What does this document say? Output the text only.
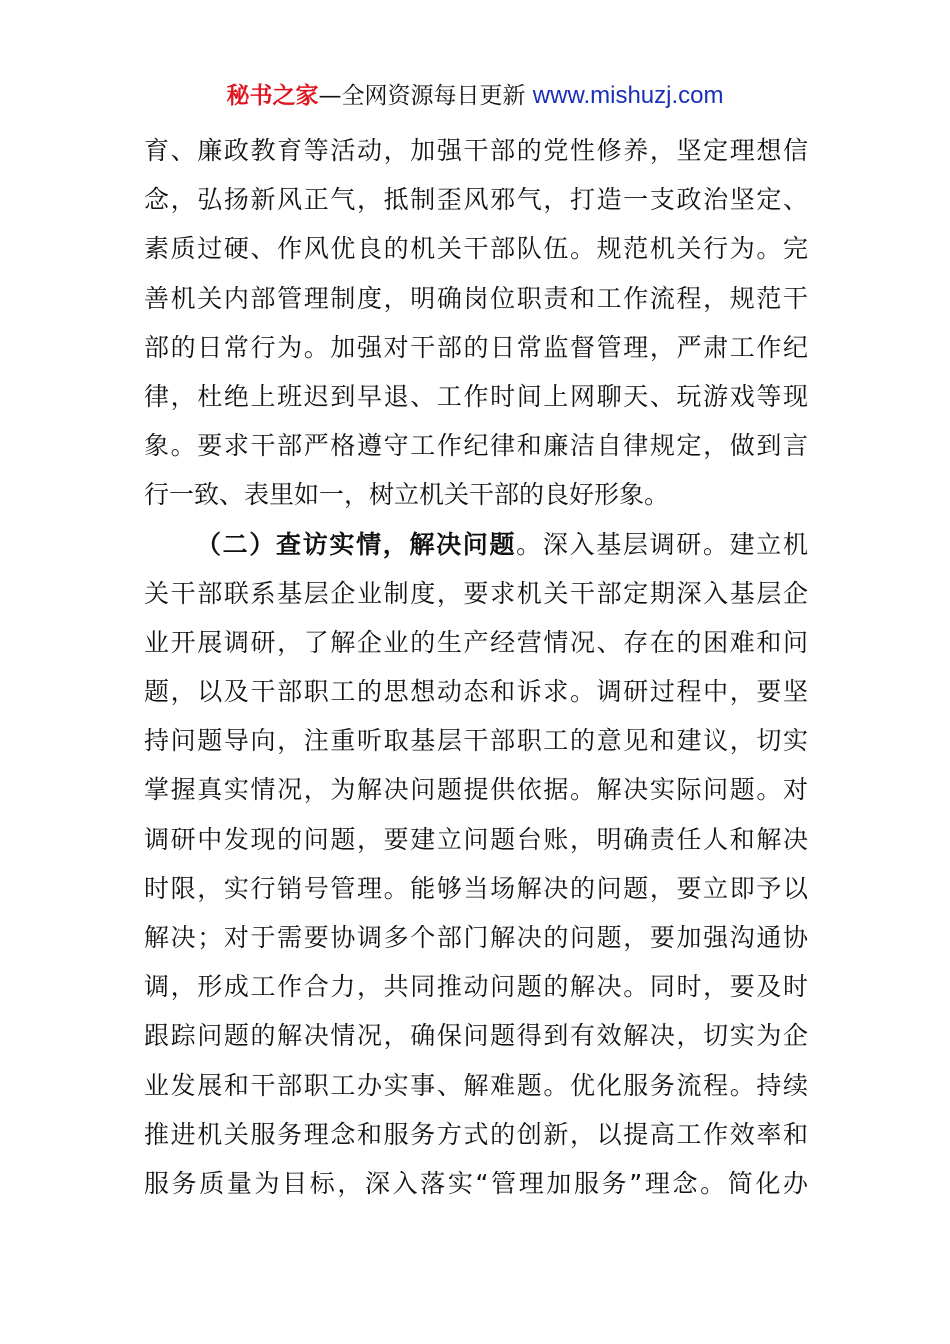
秘书之家—全网资源每日更新 www.mishuzj.com
育、廉政教育等活动，加强干部的党性修养，坚定理想信
念，弘扬新风正气，抵制歪风邪气，打造一支政治坚定、
素质过硬、作风优良的机关干部队伍。规范机关行为。完
善机关内部管理制度，明确岗位职责和工作流程，规范干
部的日常行为。加强对干部的日常监督管理，严肃工作纪
律，杜绝上班迟到早退、工作时间上网聊天、玩游戏等现
象。要求干部严格遵守工作纪律和廉洁自律规定，做到言
行一致、表里如一，树立机关干部的良好形象。
（二）查访实情，解决问题。深入基层调研。建立机
关干部联系基层企业制度，要求机关干部定期深入基层企
业开展调研，了解企业的生产经营情况、存在的困难和问
题，以及干部职工的思想动态和诉求。调研过程中，要坚
持问题导向，注重听取基层干部职工的意见和建议，切实
掌握真实情况，为解决问题提供依据。解决实际问题。对
调研中发现的问题，要建立问题台账，明确责任人和解决
时限，实行销号管理。能够当场解决的问题，要立即予以
解决；对于需要协调多个部门解决的问题，要加强沟通协
调，形成工作合力，共同推动问题的解决。同时，要及时
跟踪问题的解决情况，确保问题得到有效解决，切实为企
业发展和干部职工办实事、解难题。优化服务流程。持续
推进机关服务理念和服务方式的创新，以提高工作效率和
服务质量为目标，深入落实“管理加服务”理念。简化办
